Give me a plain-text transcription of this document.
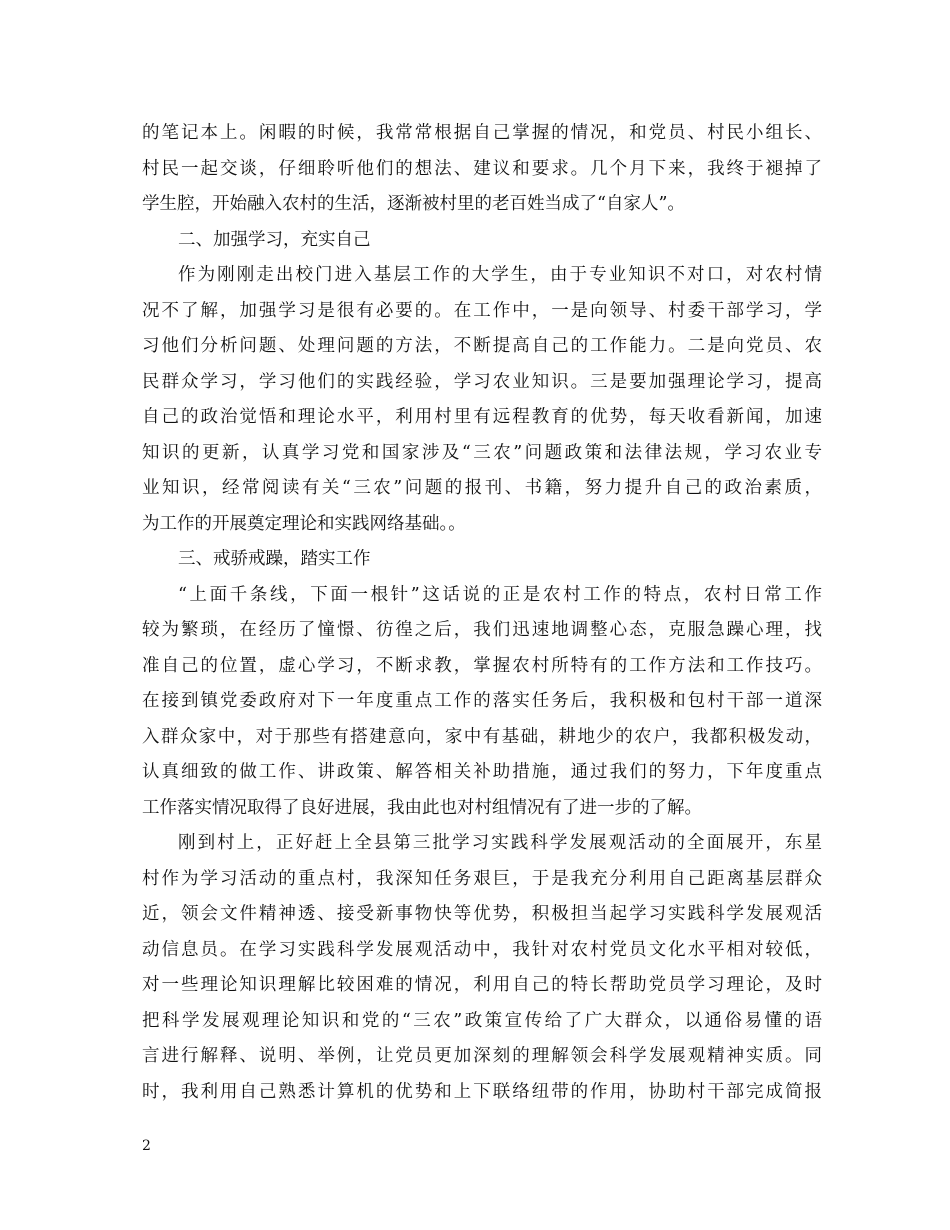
的笔记本上。闲暇的时候，我常常根据自己掌握的情况，和党员、村民小组长、
村民一起交谈，仔细聆听他们的想法、建议和要求。几个月下来，我终于褪掉了
学生腔，开始融入农村的生活，逐渐被村里的老百姓当成了“自家人”。
二、加强学习，充实自己
作为刚刚走出校门进入基层工作的大学生，由于专业知识不对口，对农村情
况不了解，加强学习是很有必要的。在工作中，一是向领导、村委干部学习，学
习他们分析问题、处理问题的方法，不断提高自己的工作能力。二是向党员、农
民群众学习，学习他们的实践经验，学习农业知识。三是要加强理论学习，提高
自己的政治觉悟和理论水平，利用村里有远程教育的优势，每天收看新闻，加速
知识的更新，认真学习党和国家涉及“三农”问题政策和法律法规，学习农业专
业知识，经常阅读有关“三农”问题的报刊、书籍，努力提升自己的政治素质，
为工作的开展奠定理论和实践网络基础。。
三、戒骄戒躁，踏实工作
“上面千条线，下面一根针”这话说的正是农村工作的特点，农村日常工作
较为繁琐，在经历了憧憬、彷徨之后，我们迅速地调整心态，克服急躁心理，找
准自己的位置，虚心学习，不断求教，掌握农村所特有的工作方法和工作技巧。
在接到镇党委政府对下一年度重点工作的落实任务后，我积极和包村干部一道深
入群众家中，对于那些有搭建意向，家中有基础，耕地少的农户，我都积极发动，
认真细致的做工作、讲政策、解答相关补助措施，通过我们的努力，下年度重点
工作落实情况取得了良好进展，我由此也对村组情况有了进一步的了解。
刚到村上，正好赶上全县第三批学习实践科学发展观活动的全面展开，东星
村作为学习活动的重点村，我深知任务艰巨，于是我充分利用自己距离基层群众
近，领会文件精神透、接受新事物快等优势，积极担当起学习实践科学发展观活
动信息员。在学习实践科学发展观活动中，我针对农村党员文化水平相对较低，
对一些理论知识理解比较困难的情况，利用自己的特长帮助党员学习理论，及时
把科学发展观理论知识和党的“三农”政策宣传给了广大群众，以通俗易懂的语
言进行解释、说明、举例，让党员更加深刻的理解领会科学发展观精神实质。同
时，我利用自己熟悉计算机的优势和上下联络纽带的作用，协助村干部完成简报
2
